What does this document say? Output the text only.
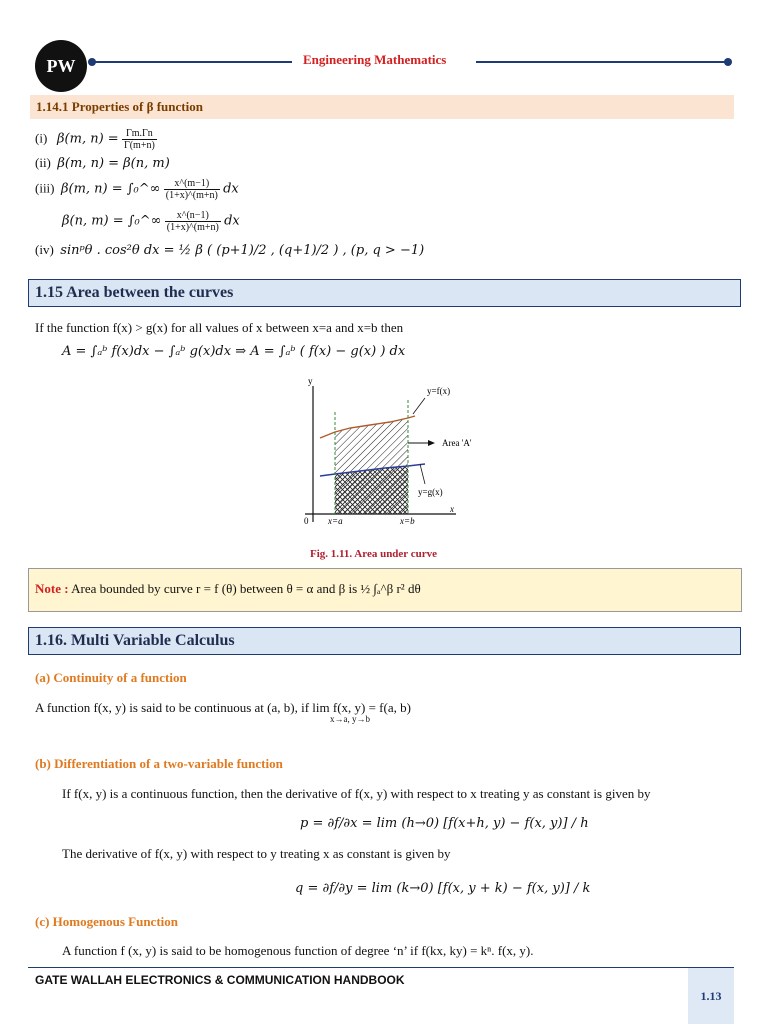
PW	Engineering Mathematics
1.14.1 Properties of β function
(i) β(m, $n) = \frac{\Gamma m.\Gamma n}{\Gamma(m+n)}$
(ii) β(m, n) = β(n, m)
(iii) β(m, n) = ∫₀^∞ $\frac{x\^{}(m-1)}{(1+x)\^{}(m+n)}$ dx
β(n, m) = ∫₀^∞ $\frac{x\^{}(n-1)}{(1+x)\^{}(m+n)}$ dx
(iv) sinᵖθ . cos²θ dx = ½ β ( (p+1)/2 , (q+1)/2 ) , (p, q > −1)
1.15 Area between the curves
If the function f(x) > g(x) for all values of x between x=a and x=b then
A = ∫ₐᵇ f(x)dx − ∫ₐᵇ g(x)dx ⇒ A = ∫ₐᵇ ( f(x) − g(x) ) dx
y
x
0
y=f(x)
Area 'A'
y=g(x)
x=a	x=b
Fig. 1.11. Area under curve
Note : Area bounded by curve r = f (θ) between θ = α and β is ½ ∫ₐ^β r² dθ
1.16. Multi Variable Calculus
(a) Continuity of a function
A function f(x, y) is said to be continuous at (a, b), if lim f(x, y) = f(a, b)
x→a, y→b
(b) Differentiation of a two-variable function
If f(x, y) is a continuous function, then the derivative of f(x, y) with respect to x treating y as constant is given by
p = ∂f/∂x = lim (h→0) [f(x+h, y) − f(x, y)] / h
The derivative of f(x, y) with respect to y treating x as constant is given by
q = ∂f/∂y = lim (k→0) [f(x, y + k) − f(x, y)] / k
(c) Homogenous Function
A function f (x, y) is said to be homogenous function of degree ‘n’ if f(kx, ky) = kⁿ. f(x, y).
GATE WALLAH ELECTRONICS & COMMUNICATION HANDBOOK
1.13
